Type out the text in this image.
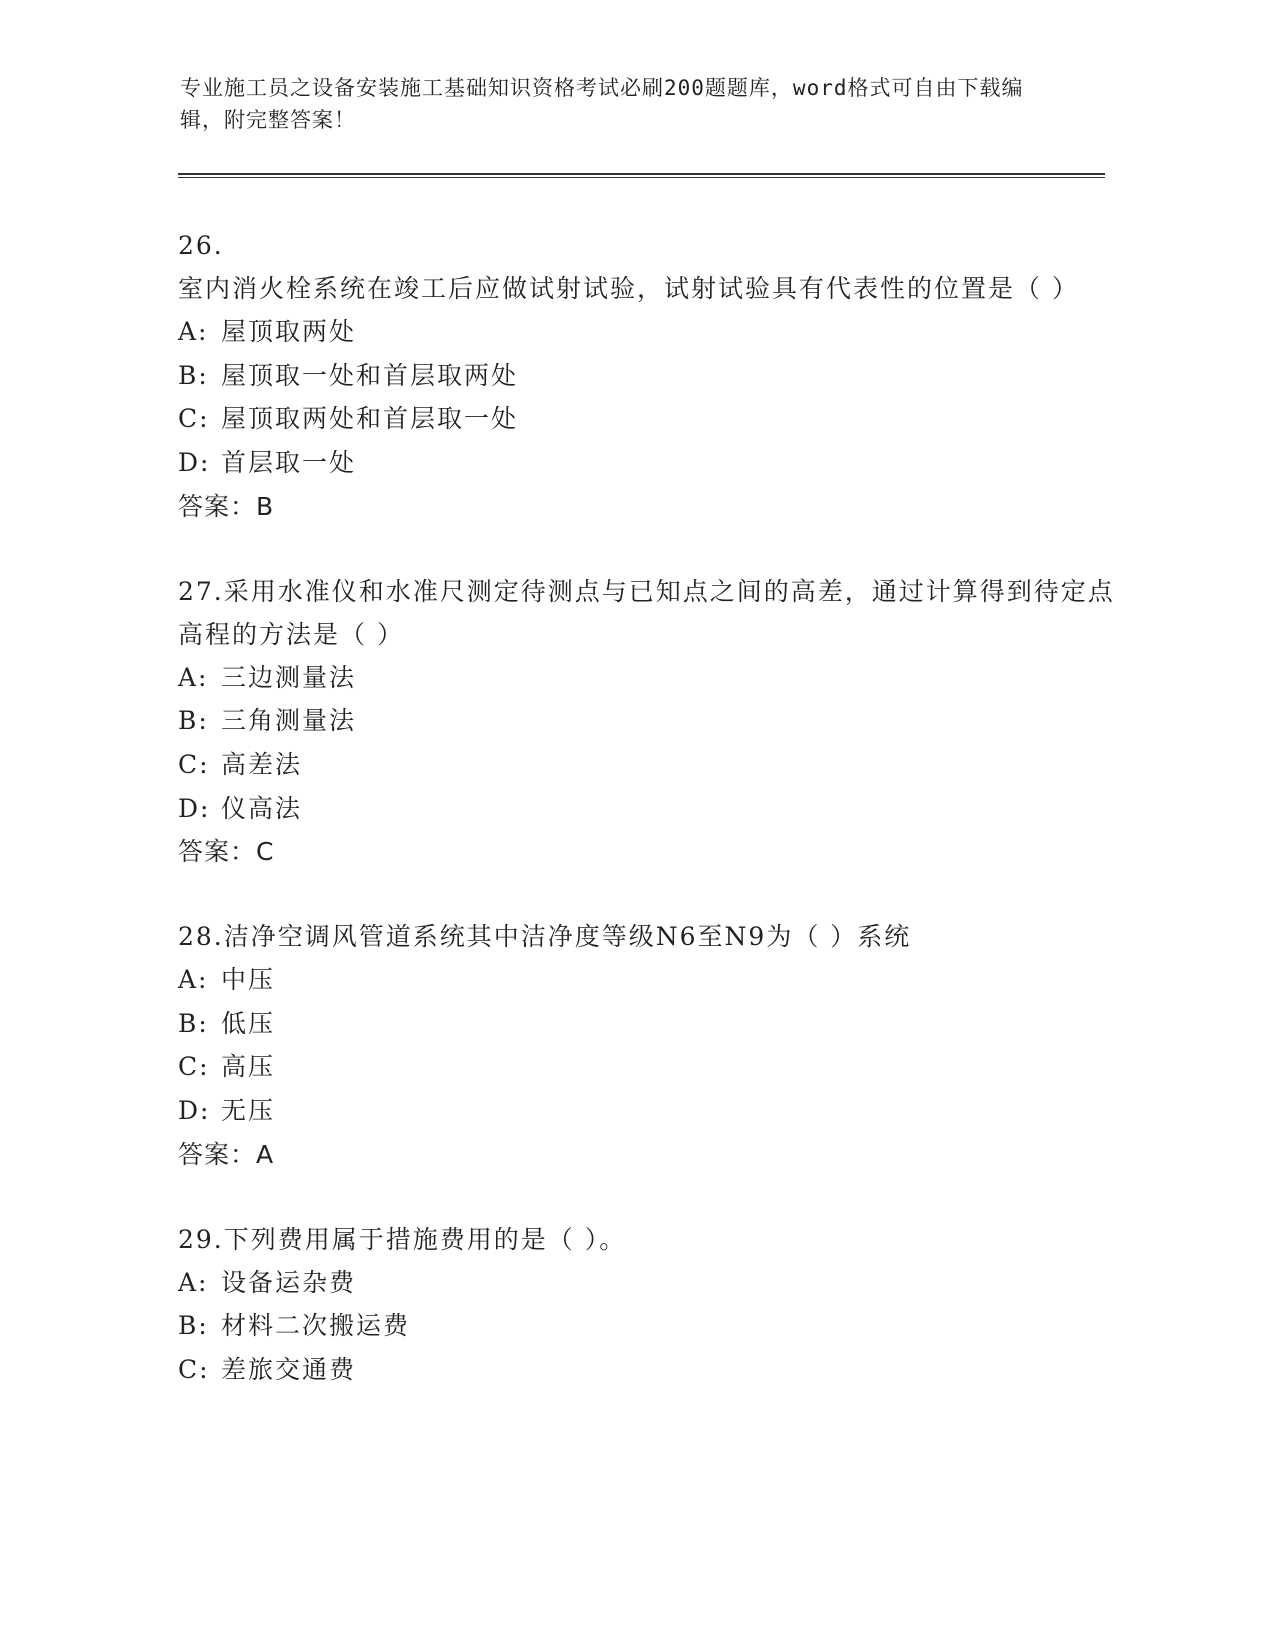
专业施工员之设备安装施工基础知识资格考试必刷200题题库，word格式可自由下载编辑，附完整答案！

26.室内消火栓系统在竣工后应做试射试验，试射试验具有代表性的位置是（ ）

A: 屋顶取两处

B: 屋顶取一处和首层取两处

C: 屋顶取两处和首层取一处

D: 首层取一处

答案：B

27.采用水准仪和水准尺测定待测点与已知点之间的高差，通过计算得到待定点高程的方法是（ ）

A: 三边测量法

B: 三角测量法

C: 高差法

D: 仪高法

答案：C

28.洁净空调风管道系统其中洁净度等级N6至N9为（ ）系统

A: 中压

B: 低压

C: 高压

D: 无压

答案：A

29.下列费用属于措施费用的是（ ）。

A: 设备运杂费

B: 材料二次搬运费

C: 差旅交通费
